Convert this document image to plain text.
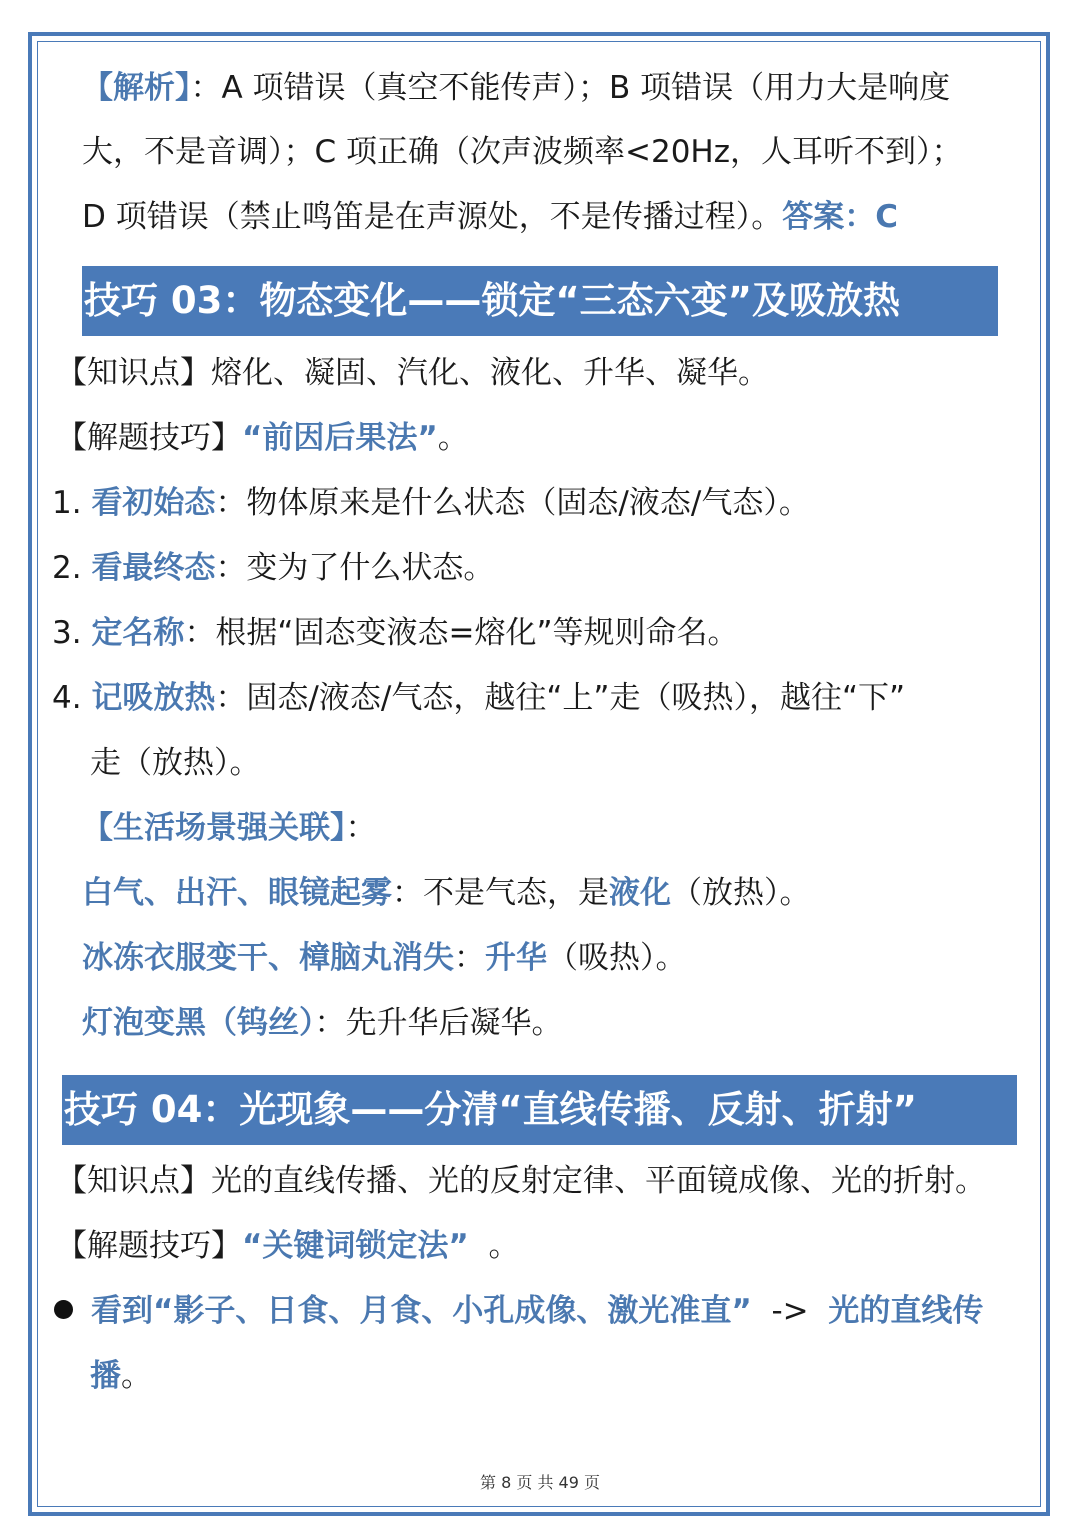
【解析】：A 项错误（真空不能传声）；B 项错误（用力大是响度
大，不是音调）；C 项正确（次声波频率<20Hz，人耳听不到）；
D 项错误（禁止鸣笛是在声源处，不是传播过程）。答案：C
技巧 03：物态变化——锁定“三态六变”及吸放热
【知识点】熔化、凝固、汽化、液化、升华、凝华。
【解题技巧】“前因后果法”。
1. 看初始态：物体原来是什么状态（固态/液态/气态）。
2. 看最终态：变为了什么状态。
3. 定名称：根据“固态变液态=熔化”等规则命名。
4. 记吸放热：固态/液态/气态，越往“上”走（吸热），越往“下”
走（放热）。
【生活场景强关联】：
白气、出汗、眼镜起雾：不是气态，是液化（放热）。
冰冻衣服变干、樟脑丸消失：升华（吸热）。
灯泡变黑（钨丝）：先升华后凝华。
技巧 04：光现象——分清“直线传播、反射、折射”
【知识点】光的直线传播、光的反射定律、平面镜成像、光的折射。
【解题技巧】“关键词锁定法” 。
看到“影子、日食、月食、小孔成像、激光准直” -> 光的直线传
播。
第 8 页 共 49 页
